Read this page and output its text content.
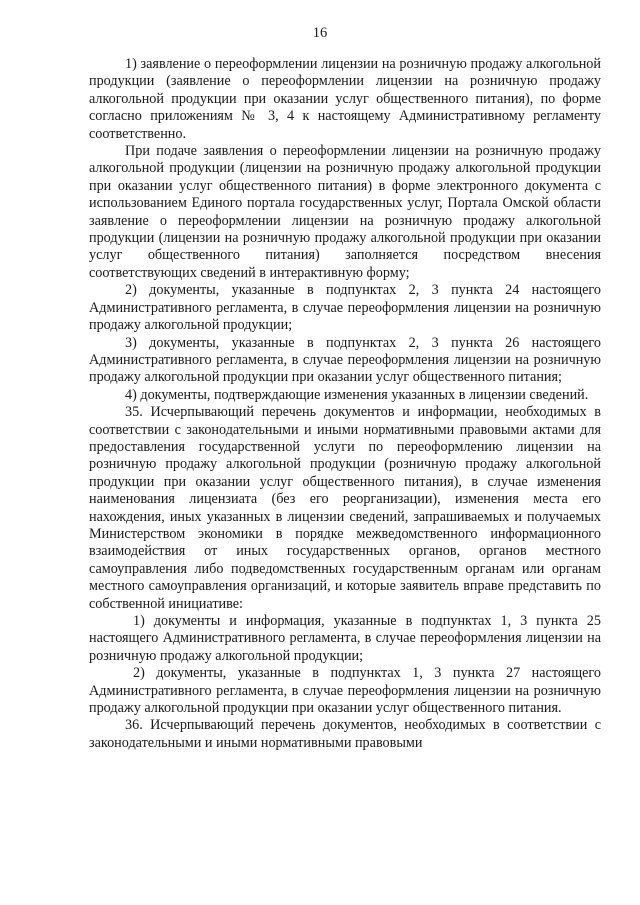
16

1) заявление о переоформлении лицензии на розничную продажу алкогольной продукции (заявление о переоформлении лицензии на розничную продажу алкогольной продукции при оказании услуг общественного питания), по форме согласно приложениям № 3, 4 к настоящему Административному регламенту соответственно.

При подаче заявления о переоформлении лицензии на розничную продажу алкогольной продукции (лицензии на розничную продажу алкогольной продукции при оказании услуг общественного питания) в форме электронного документа с использованием Единого портала государственных услуг, Портала Омской области заявление о переоформлении лицензии на розничную продажу алкогольной продукции (лицензии на розничную продажу алкогольной продукции при оказании услуг общественного питания) заполняется посредством внесения соответствующих сведений в интерактивную форму;

2) документы, указанные в подпунктах 2, 3 пункта 24 настоящего Административного регламента, в случае переоформления лицензии на розничную продажу алкогольной продукции;

3) документы, указанные в подпунктах 2, 3 пункта 26 настоящего Административного регламента, в случае переоформления лицензии на розничную продажу алкогольной продукции при оказании услуг общественного питания;

4) документы, подтверждающие изменения указанных в лицензии сведений.

35. Исчерпывающий перечень документов и информации, необходимых в соответствии с законодательными и иными нормативными правовыми актами для предоставления государственной услуги по переоформлению лицензии на розничную продажу алкогольной продукции (розничную продажу алкогольной продукции при оказании услуг общественного питания), в случае изменения наименования лицензиата (без его реорганизации), изменения места его нахождения, иных указанных в лицензии сведений, запрашиваемых и получаемых Министерством экономики в порядке межведомственного информационного взаимодействия от иных государственных органов, органов местного самоуправления либо подведомственных государственным органам или органам местного самоуправления организаций, и которые заявитель вправе представить по собственной инициативе:

1) документы и информация, указанные в подпунктах 1, 3 пункта 25 настоящего Административного регламента, в случае переоформления лицензии на розничную продажу алкогольной продукции;

2) документы, указанные в подпунктах 1, 3 пункта 27 настоящего Административного регламента, в случае переоформления лицензии на розничную продажу алкогольной продукции при оказании услуг общественного питания.

36. Исчерпывающий перечень документов, необходимых в соответствии с законодательными и иными нормативными правовыми
